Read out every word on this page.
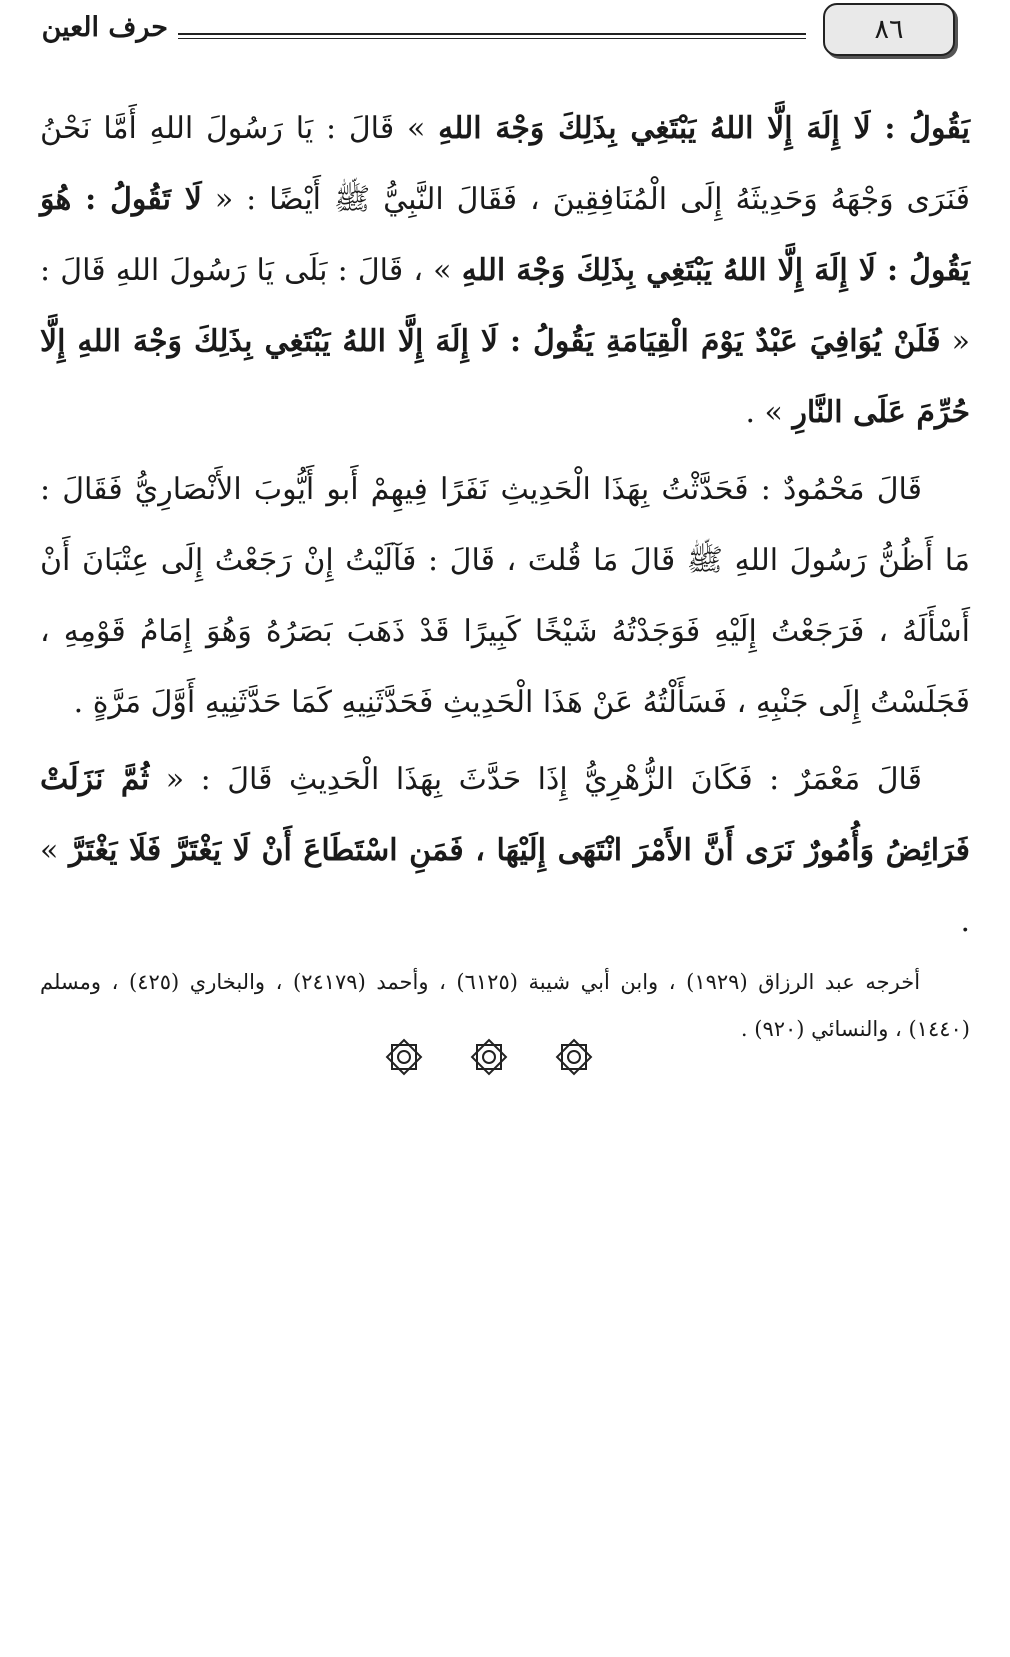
٨٦
حرف العين

يَقُولُ : لَا إِلَهَ إِلَّا اللهُ يَبْتَغِي بِذَلِكَ وَجْهَ اللهِ » قَالَ : يَا رَسُولَ اللهِ أَمَّا نَحْنُ فَنَرَى وَجْهَهُ وَحَدِيثَهُ إِلَى الْمُنَافِقِينَ ، فَقَالَ النَّبِيُّ ﷺ أَيْضًا : « لَا تَقُولُ : هُوَ يَقُولُ : لَا إِلَهَ إِلَّا اللهُ يَبْتَغِي بِذَلِكَ وَجْهَ اللهِ » ، قَالَ : بَلَى يَا رَسُولَ اللهِ قَالَ : « فَلَنْ يُوَافِيَ عَبْدٌ يَوْمَ الْقِيَامَةِ يَقُولُ : لَا إِلَهَ إِلَّا اللهُ يَبْتَغِي بِذَلِكَ وَجْهَ اللهِ إِلَّا حُرِّمَ عَلَى النَّارِ » .

قَالَ مَحْمُودٌ : فَحَدَّثْتُ بِهَذَا الْحَدِيثِ نَفَرًا فِيهِمْ أَبو أَيُّوبَ الأَنْصَارِيُّ فَقَالَ : مَا أَظُنُّ رَسُولَ اللهِ ﷺ قَالَ مَا قُلتَ ، قَالَ : فَآلَيْتُ إِنْ رَجَعْتُ إِلَى عِتْبَانَ أَنْ أَسْأَلَهُ ، فَرَجَعْتُ إِلَيْهِ فَوَجَدْتُهُ شَيْخًا كَبِيرًا قَدْ ذَهَبَ بَصَرُهُ وَهُوَ إِمَامُ قَوْمِهِ ، فَجَلَسْتُ إِلَى جَنْبِهِ ، فَسَأَلْتُهُ عَنْ هَذَا الْحَدِيثِ فَحَدَّثَنِيهِ كَمَا حَدَّثَنِيهِ أَوَّلَ مَرَّةٍ .

قَالَ مَعْمَرٌ : فَكَانَ الزُّهْرِيُّ إِذَا حَدَّثَ بِهَذَا الْحَدِيثِ قَالَ : « ثُمَّ نَزَلَتْ فَرَائِضُ وَأُمُورٌ نَرَى أَنَّ الأَمْرَ انْتَهَى إِلَيْهَا ، فَمَنِ اسْتَطَاعَ أَنْ لَا يَغْتَرَّ فَلَا يَغْتَرَّ » .

أخرجه عبد الرزاق (١٩٢٩) ، وابن أبي شيبة (٦١٢٥) ، وأحمد (٢٤١٧٩) ، والبخاري (٤٢٥) ، ومسلم (١٤٤٠) ، والنسائي (٩٢٠) .
